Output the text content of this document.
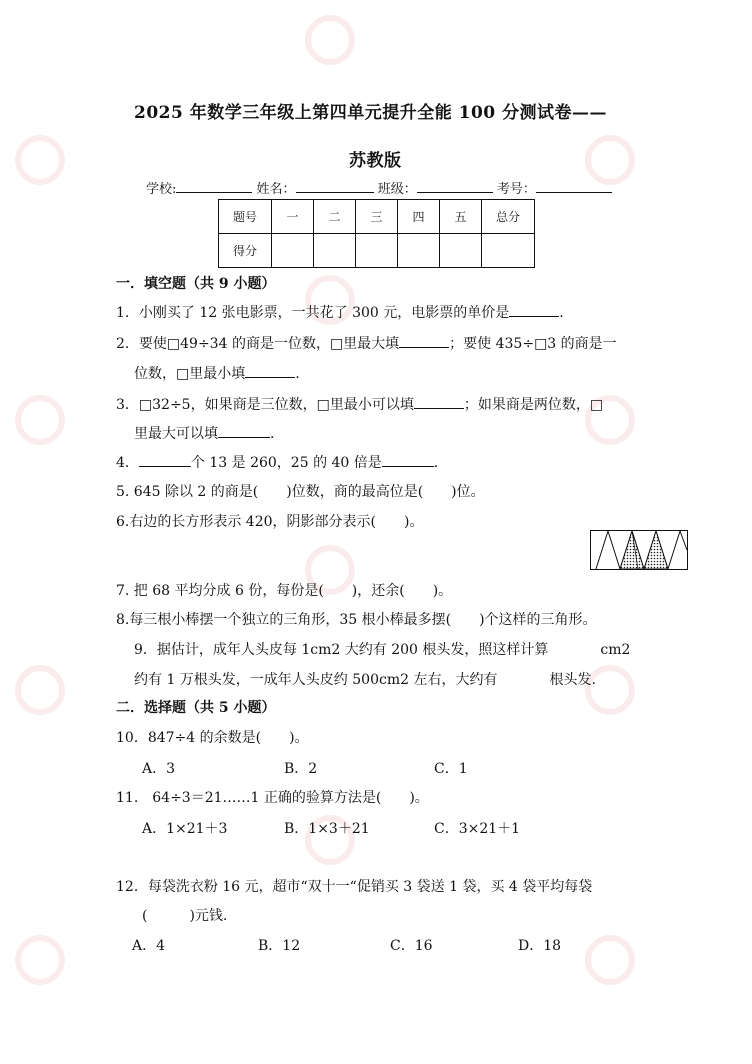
2025 年数学三年级上第四单元提升全能 100 分测试卷——
苏教版
学校:	姓名：	班级：	考号：
题号	一	二	三	四	五	总分
得分						
一．填空题（共 9 小题）
1．小刚买了 12 张电影票，一共花了 300 元，电影票的单价是	.
2．要使□49÷34 的商是一位数，□里最大填	；要使 435÷□3 的商是一
位数，□里最小填	.
3．□32÷5，如果商是三位数，□里最小可以填	；如果商是两位数，□
里最大可以填	.
4．	个 13 是 260，25 的 40 倍是	.
5. 645 除以 2 的商是(　　)位数，商的最高位是(　　)位。
6.右边的长方形表示 420，阴影部分表示(　　)。
7. 把 68 平均分成 6 份，每份是(　　)，还余(　　)。
8.每三根小棒摆一个独立的三角形，35 根小棒最多摆(　　)个这样的三角形。
9．据估计，成年人头皮每 1cm2 大约有 200 根头发，照这样计算	cm2
约有 1 万根头发，一成年人头皮约 500cm2 左右，大约有	根头发.
二．选择题（共 5 小题）
10．847÷4 的余数是(　　)。
A．3	B．2	C．1
11.　64÷3＝21……1 正确的验算方法是(　　)。
A．1×21＋3	B．1×3＋21	C．3×21＋1
12．每袋洗衣粉 16 元，超市“双十一“促销买 3 袋送 1 袋，买 4 袋平均每袋
(　　　)元钱.
A．4	B．12	C．16	D．18
